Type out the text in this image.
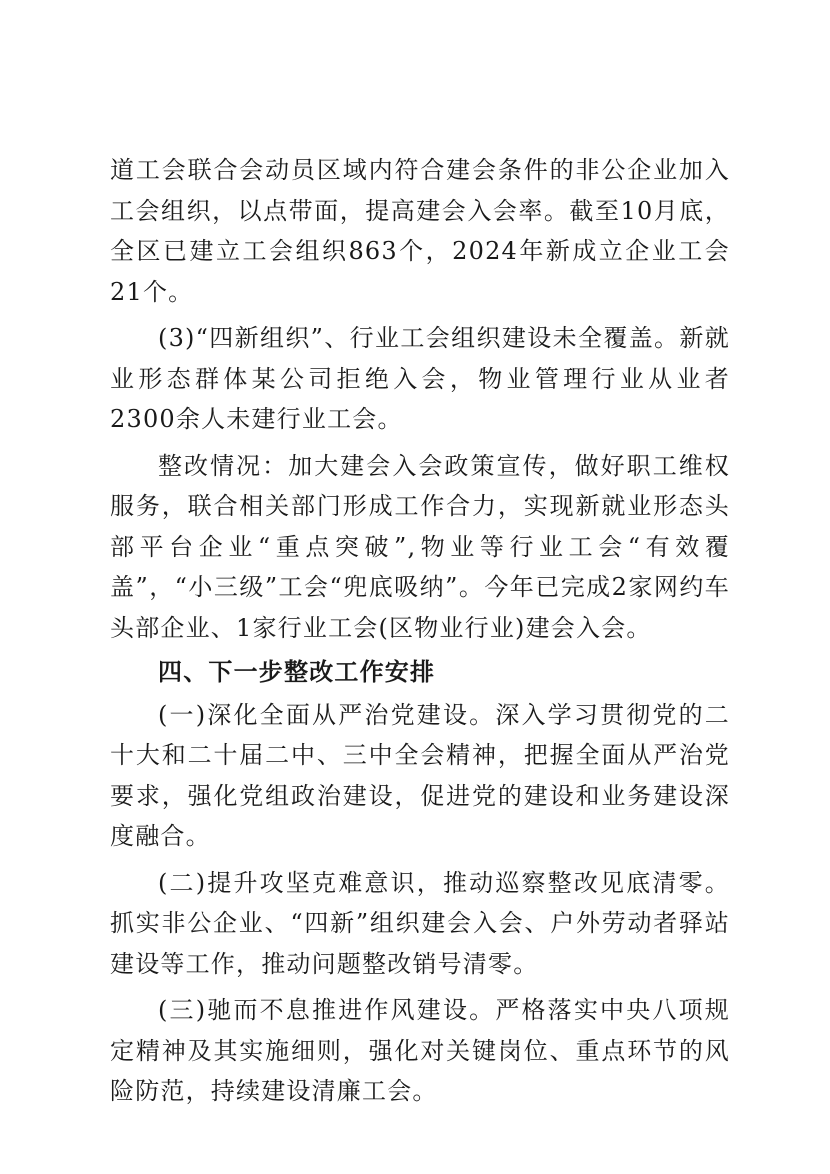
道工会联合会动员区域内符合建会条件的非公企业加入工会组织，以点带面，提高建会入会率。截至10月底，全区已建立工会组织863个，2024年新成立企业工会21个。

(3)“四新组织”、行业工会组织建设未全覆盖。新就业形态群体某公司拒绝入会，物业管理行业从业者2300余人未建行业工会。

整改情况：加大建会入会政策宣传，做好职工维权服务，联合相关部门形成工作合力，实现新就业形态头部平台企业“重点突破”,物业等行业工会“有效覆盖”，“小三级”工会“兜底吸纳”。今年已完成2家网约车头部企业、1家行业工会(区物业行业)建会入会。

四、下一步整改工作安排

(一)深化全面从严治党建设。深入学习贯彻党的二十大和二十届二中、三中全会精神，把握全面从严治党要求，强化党组政治建设，促进党的建设和业务建设深度融合。

(二)提升攻坚克难意识，推动巡察整改见底清零。抓实非公企业、“四新”组织建会入会、户外劳动者驿站建设等工作，推动问题整改销号清零。

(三)驰而不息推进作风建设。严格落实中央八项规定精神及其实施细则，强化对关键岗位、重点环节的风险防范，持续建设清廉工会。
